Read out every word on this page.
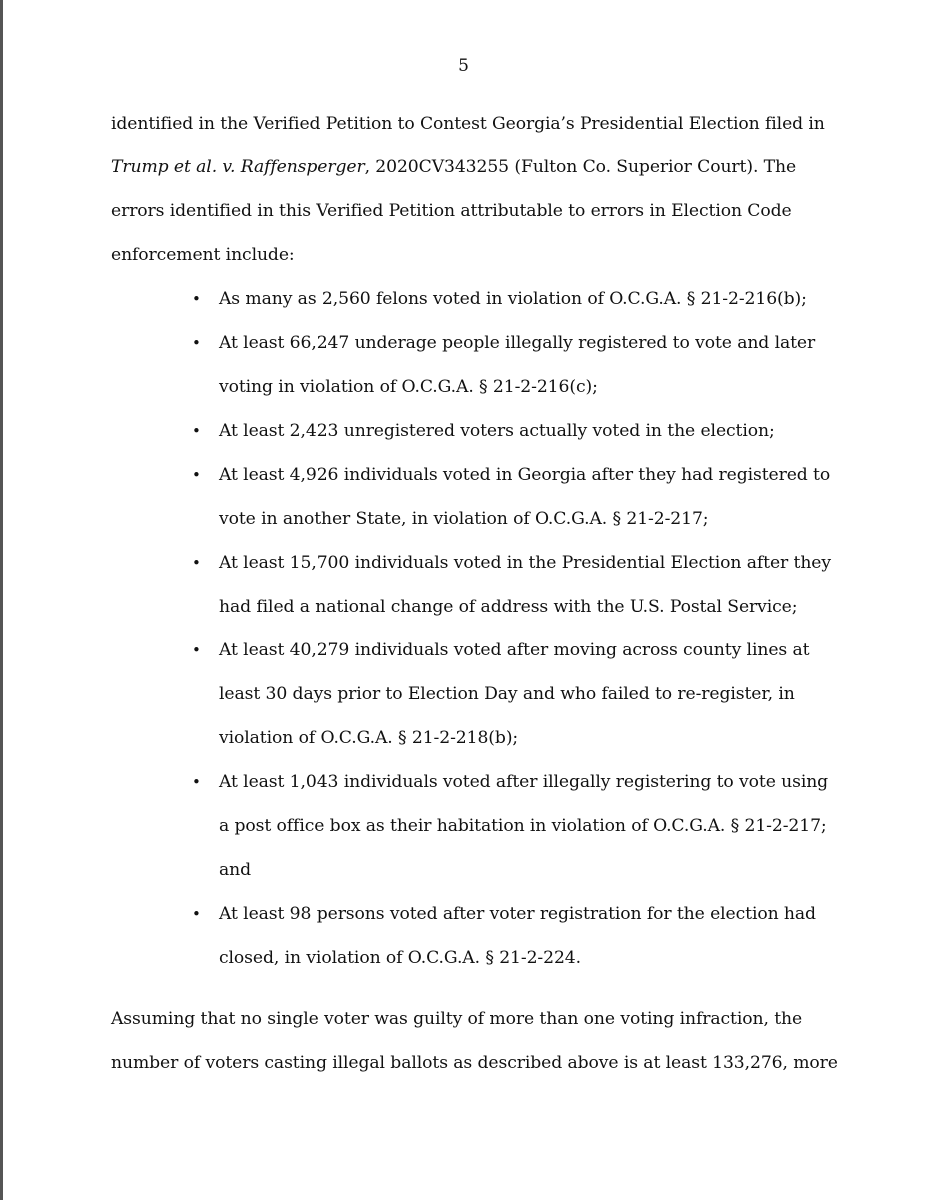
5
identified in the Verified Petition to Contest Georgia’s Presidential Election filed in
Trump et al. v. Raffensperger, 2020CV343255 (Fulton Co. Superior Court). The
errors identified in this Verified Petition attributable to errors in Election Code
enforcement include:
• As many as 2,560 felons voted in violation of O.C.G.A. § 21-2-216(b);
• At least 66,247 underage people illegally registered to vote and later
voting in violation of O.C.G.A. § 21-2-216(c);
• At least 2,423 unregistered voters actually voted in the election;
• At least 4,926 individuals voted in Georgia after they had registered to
vote in another State, in violation of O.C.G.A. § 21-2-217;
• At least 15,700 individuals voted in the Presidential Election after they
had filed a national change of address with the U.S. Postal Service;
• At least 40,279 individuals voted after moving across county lines at
least 30 days prior to Election Day and who failed to re-register, in
violation of O.C.G.A. § 21-2-218(b);
• At least 1,043 individuals voted after illegally registering to vote using
a post office box as their habitation in violation of O.C.G.A. § 21-2-217;
and
• At least 98 persons voted after voter registration for the election had
closed, in violation of O.C.G.A. § 21-2-224.
Assuming that no single voter was guilty of more than one voting infraction, the
number of voters casting illegal ballots as described above is at least 133,276, more
